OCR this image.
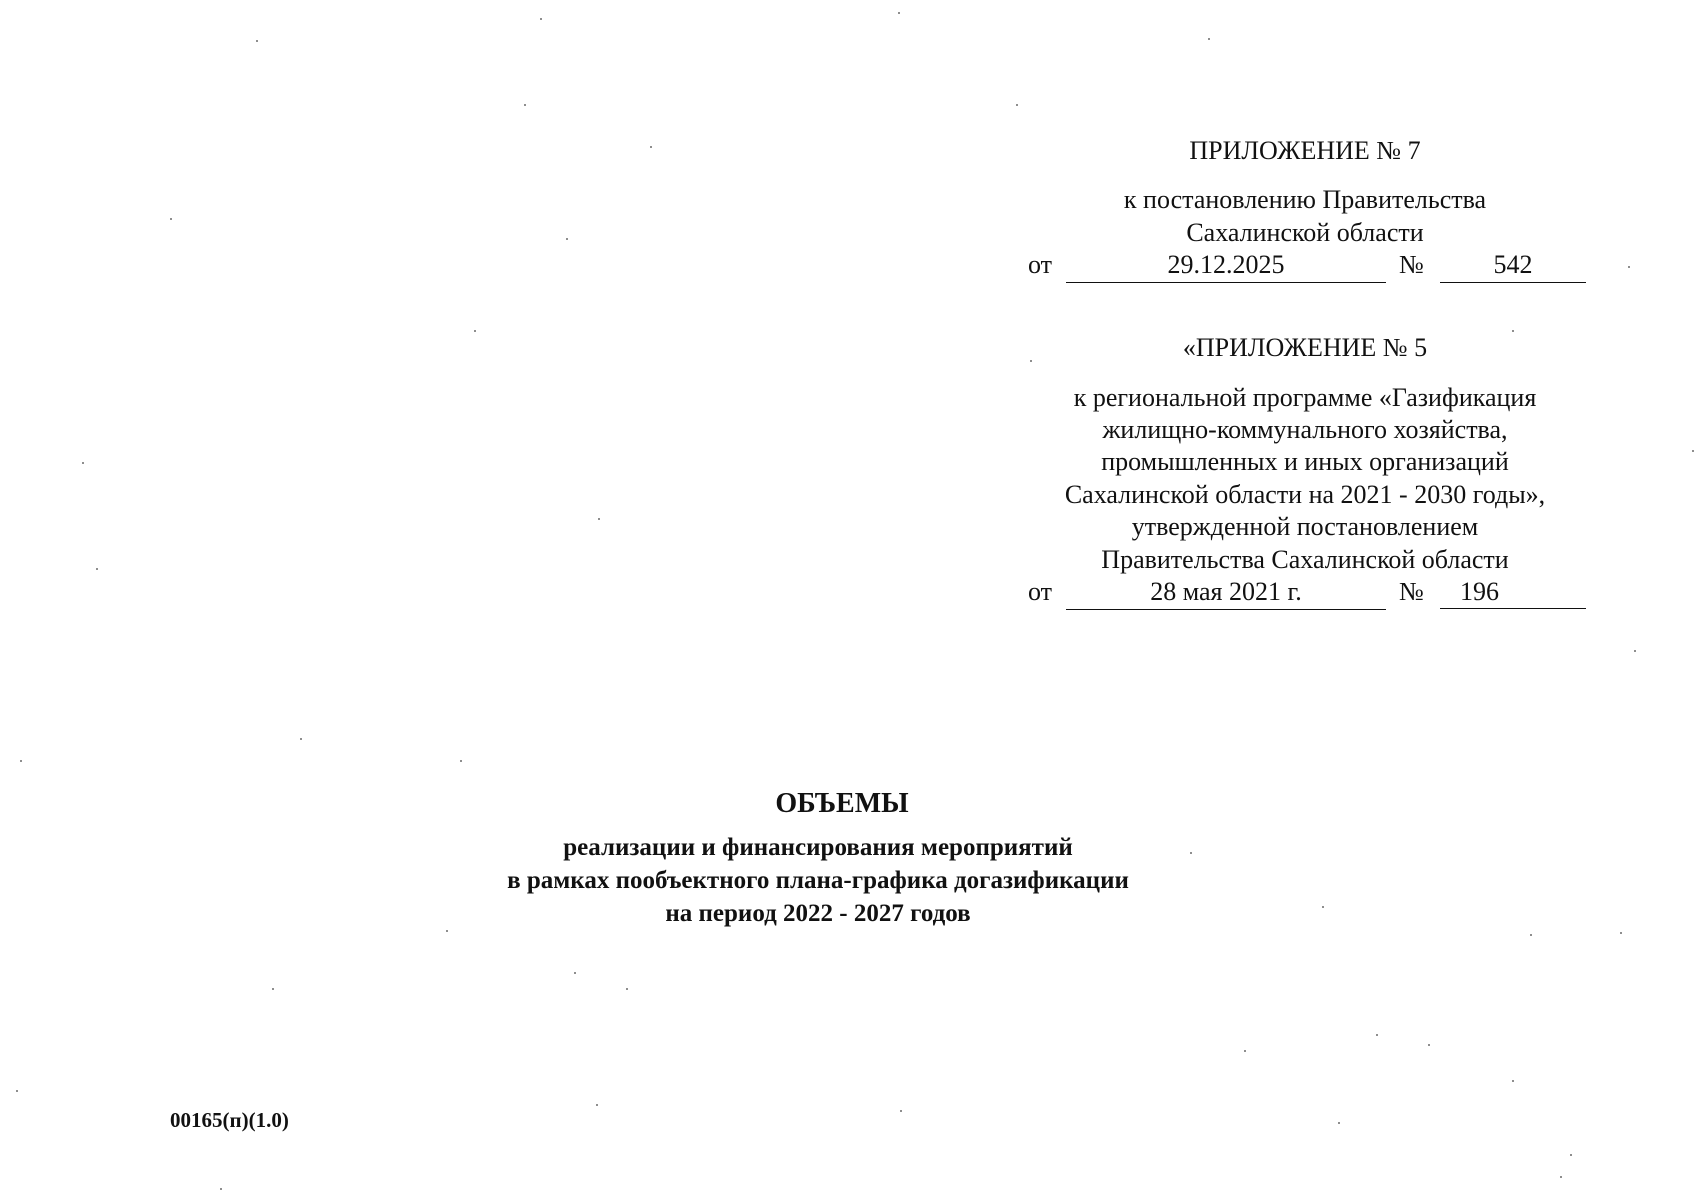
ПРИЛОЖЕНИЕ № 7
к постановлению Правительства
Сахалинской области
от	29.12.2025	№	542
«ПРИЛОЖЕНИЕ № 5
к региональной программе «Газификация
жилищно-коммунального хозяйства,
промышленных и иных организаций
Сахалинской области на 2021 - 2030 годы»,
утвержденной постановлением
Правительства Сахалинской области
от	28 мая 2021 г.	№	196
ОБЪЕМЫ
реализации и финансирования мероприятий
в рамках пообъектного плана-графика догазификации
на период 2022 - 2027 годов
00165(п)(1.0)
